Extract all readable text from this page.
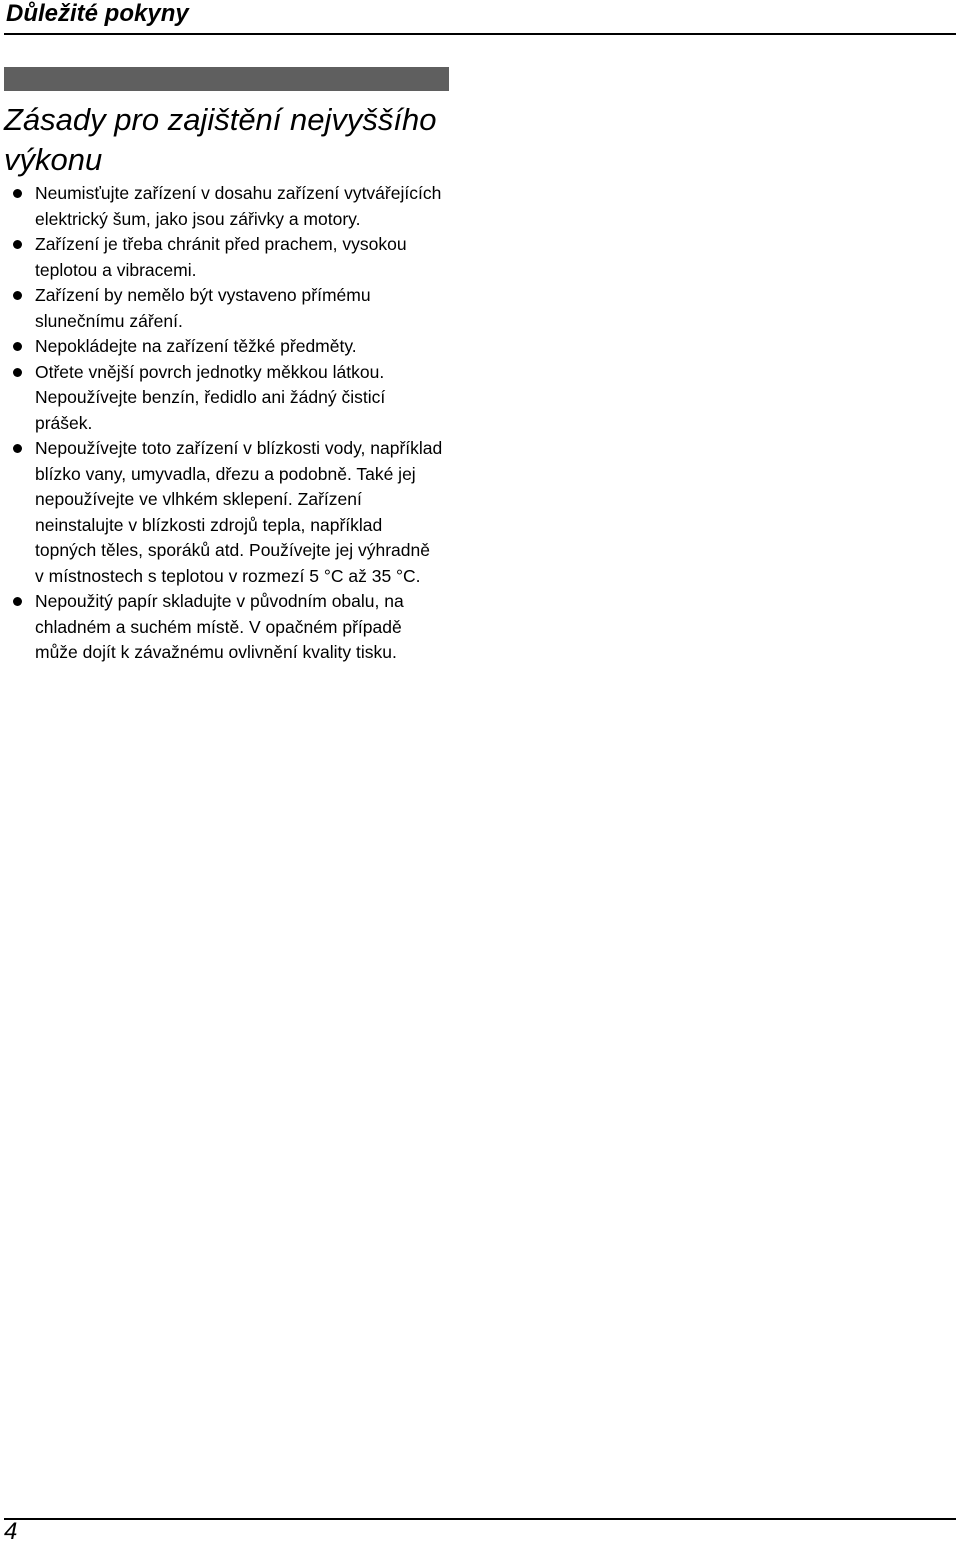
Důležité pokyny
Zásady pro zajištění nejvyššího výkonu
Neumisťujte zařízení v dosahu zařízení vytvářejících
elektrický šum, jako jsou zářivky a motory.
Zařízení je třeba chránit před prachem, vysokou
teplotou a vibracemi.
Zařízení by nemělo být vystaveno přímému
slunečnímu záření.
Nepokládejte na zařízení těžké předměty.
Otřete vnější povrch jednotky měkkou látkou.
Nepoužívejte benzín, ředidlo ani žádný čisticí
prášek.
Nepoužívejte toto zařízení v blízkosti vody, například
blízko vany, umyvadla, dřezu a podobně. Také jej
nepoužívejte ve vlhkém sklepení. Zařízení
neinstalujte v blízkosti zdrojů tepla, například
topných těles, sporáků atd. Používejte jej výhradně
v místnostech s teplotou v rozmezí 5 °C až 35 °C.
Nepoužitý papír skladujte v původním obalu, na
chladném a suchém místě. V opačném případě
může dojít k závažnému ovlivnění kvality tisku.
4
